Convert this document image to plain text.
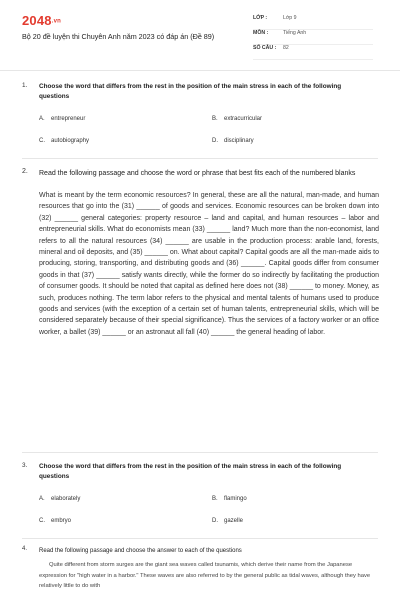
2048.vn
Bộ 20 đề luyện thi Chuyên Anh năm 2023 có đáp án (Đề 89)
LỚP :	Lớp 9
MÔN :	Tiếng Anh
SỐ CÂU :	82
1. Choose the word that differs from the rest in the position of the main stress in each of the following questions
A. entrepreneur	B. extracurricular
C. autobiography	D. disciplinary
2. Read the following passage and choose the word or phrase that best fits each of the numbered blanks
What is meant by the term economic resources? In general, these are all the natural, man-made, and human resources that go into the (31) ______ of goods and services. Economic resources can be broken down into (32) ______ general categories: property resource – land and capital, and human resources – labor and entrepreneurial skills. What do economists mean (33) ______ land? Much more than the non-economist, land refers to all the natural resources (34) ______ are usable in the production process: arable land, forests, mineral and oil deposits, and (35) ______ on. What about capital? Capital goods are all the man-made aids to producing, storing, transporting, and distributing goods and (36) ______. Capital goods differ from consumer goods in that (37) ______ satisfy wants directly, while the former do so indirectly by facilitating the production of consumer goods. It should be noted that capital as defined here does not (38) ______ to money. Money, as such, produces nothing. The term labor refers to the physical and mental talents of humans used to produce goods and services (with the exception of a certain set of human talents, entrepreneurial skills, which will be considered separately because of their special significance). Thus the services of a factory worker or an office worker, a ballet (39) ______ or an astronaut all fall (40) ______ the general heading of labor.
3. Choose the word that differs from the rest in the position of the main stress in each of the following questions
A. elaborately	B. flamingo
C. embryo	D. gazelle
4. Read the following passage and choose the answer to each of the questions
Quite different from storm surges are the giant sea waves called tsunamis, which derive their name from the Japanese expression for "high water in a harbor." These waves are also referred to by the general public as tidal waves, although they have relatively little to do with
